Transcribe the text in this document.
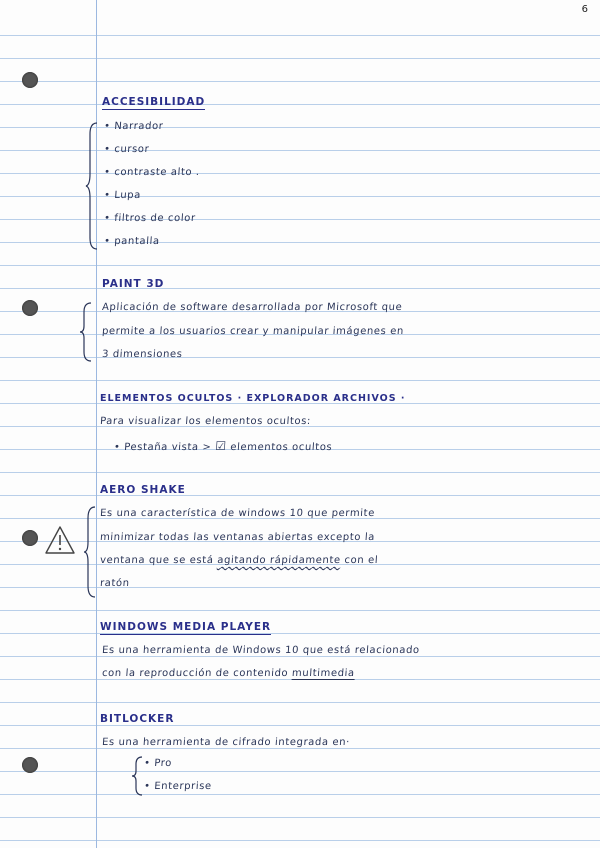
6
ACCESIBILIDAD
• Narrador
• cursor
• contraste alto .
• Lupa
• filtros de color
• pantalla
PAINT 3D
Aplicación de software desarrollada por Microsoft que
permite a los usuarios crear y manipular imágenes en
3 dimensiones
ELEMENTOS OCULTOS · EXPLORADOR ARCHIVOS ·
Para visualizar los elementos ocultos:
• Pestaña vista > ☑ elementos ocultos
AERO SHAKE
Es una característica de windows 10 que permite
minimizar todas las ventanas abiertas excepto la
ventana que se está agitando rápidamente con el
ratón
WINDOWS MEDIA PLAYER
Es una herramienta de Windows 10 que está relacionado
con la reproducción de contenido multimedia
BITLOCKER
Es una herramienta de cifrado integrada en·
• Pro
• Enterprise
